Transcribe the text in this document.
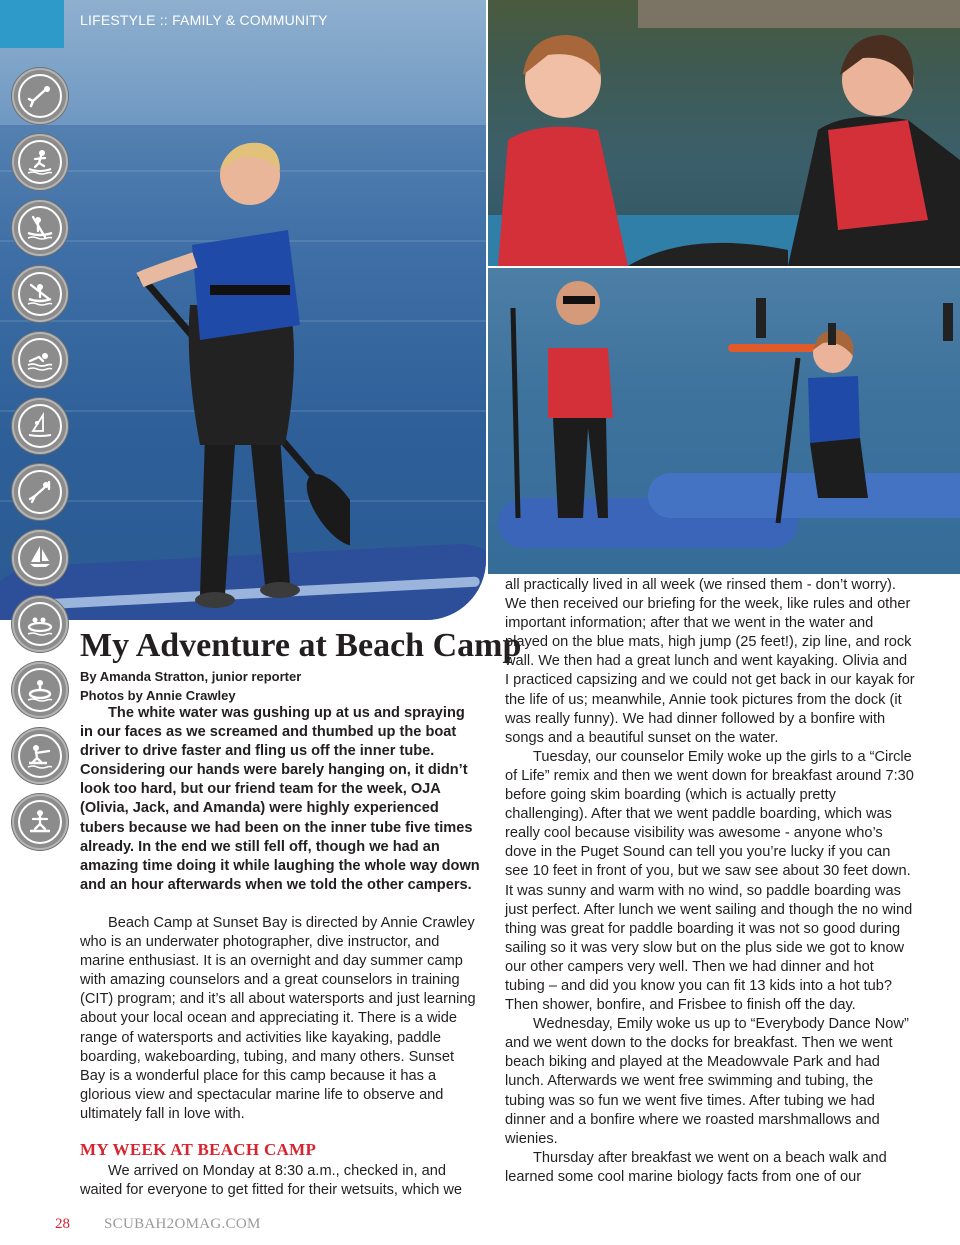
LIFESTYLE :: FAMILY & COMMUNITY
My Adventure at Beach Camp
By Amanda Stratton, junior reporter
Photos by Annie Crawley

The white water was gushing up at us and spraying in our faces as we screamed and thumbed up the boat driver to drive faster and fling us off the inner tube. Considering our hands were barely hanging on, it didn’t look too hard, but our friend team for the week, OJA (Olivia, Jack, and Amanda) were highly experienced tubers because we had been on the inner tube five times already. In the end we still fell off, though we had an amazing time doing it while laughing the whole way down and an hour afterwards when we told the other campers.

Beach Camp at Sunset Bay is directed by Annie Crawley who is an underwater photographer, dive instructor, and marine enthusiast. It is an overnight and day summer camp with amazing counselors and a great counselors in training (CIT) program; and it’s all about watersports and just learning about your local ocean and appreciating it. There is a wide range of watersports and activities like kayaking, paddle boarding, wakeboarding, tubing, and many others. Sunset Bay is a wonderful place for this camp because it has a glorious view and spectacular marine life to observe and ultimately fall in love with.

MY WEEK AT BEACH CAMP

We arrived on Monday at 8:30 a.m., checked in, and waited for everyone to get fitted for their wetsuits, which we

all practically lived in all week (we rinsed them - don’t worry). We then received our briefing for the week, like rules and other important information; after that we went in the water and played on the blue mats, high jump (25 feet!), zip line, and rock wall. We then had a great lunch and went kayaking. Olivia and I practiced capsizing and we could not get back in our kayak for the life of us; meanwhile, Annie took pictures from the dock (it was really funny). We had dinner followed by a bonfire with songs and a beautiful sunset on the water.

Tuesday, our counselor Emily woke up the girls to a “Circle of Life” remix and then we went down for breakfast around 7:30 before going skim boarding (which is actually pretty challenging). After that we went paddle boarding, which was really cool because visibility was awesome - anyone who’s dove in the Puget Sound can tell you you’re lucky if you can see 10 feet in front of you, but we saw see about 30 feet down. It was sunny and warm with no wind, so paddle boarding was just perfect. After lunch we went sailing and though the no wind thing was great for paddle boarding it was not so good during sailing so it was very slow but on the plus side we got to know our other campers very well. Then we had dinner and hot tubing – and did you know you can fit 13 kids into a hot tub? Then shower, bonfire, and Frisbee to finish off the day.

Wednesday, Emily woke us up to “Everybody Dance Now” and we went down to the docks for breakfast. Then we went beach biking and played at the Meadowvale Park and had lunch. Afterwards we went free swimming and tubing, the tubing was so fun we went five times. After tubing we had dinner and a bonfire where we roasted marshmallows and wienies.

Thursday after breakfast we went on a beach walk and learned some cool marine biology facts from one of our

28 SCUBAH2OMAG.COM
